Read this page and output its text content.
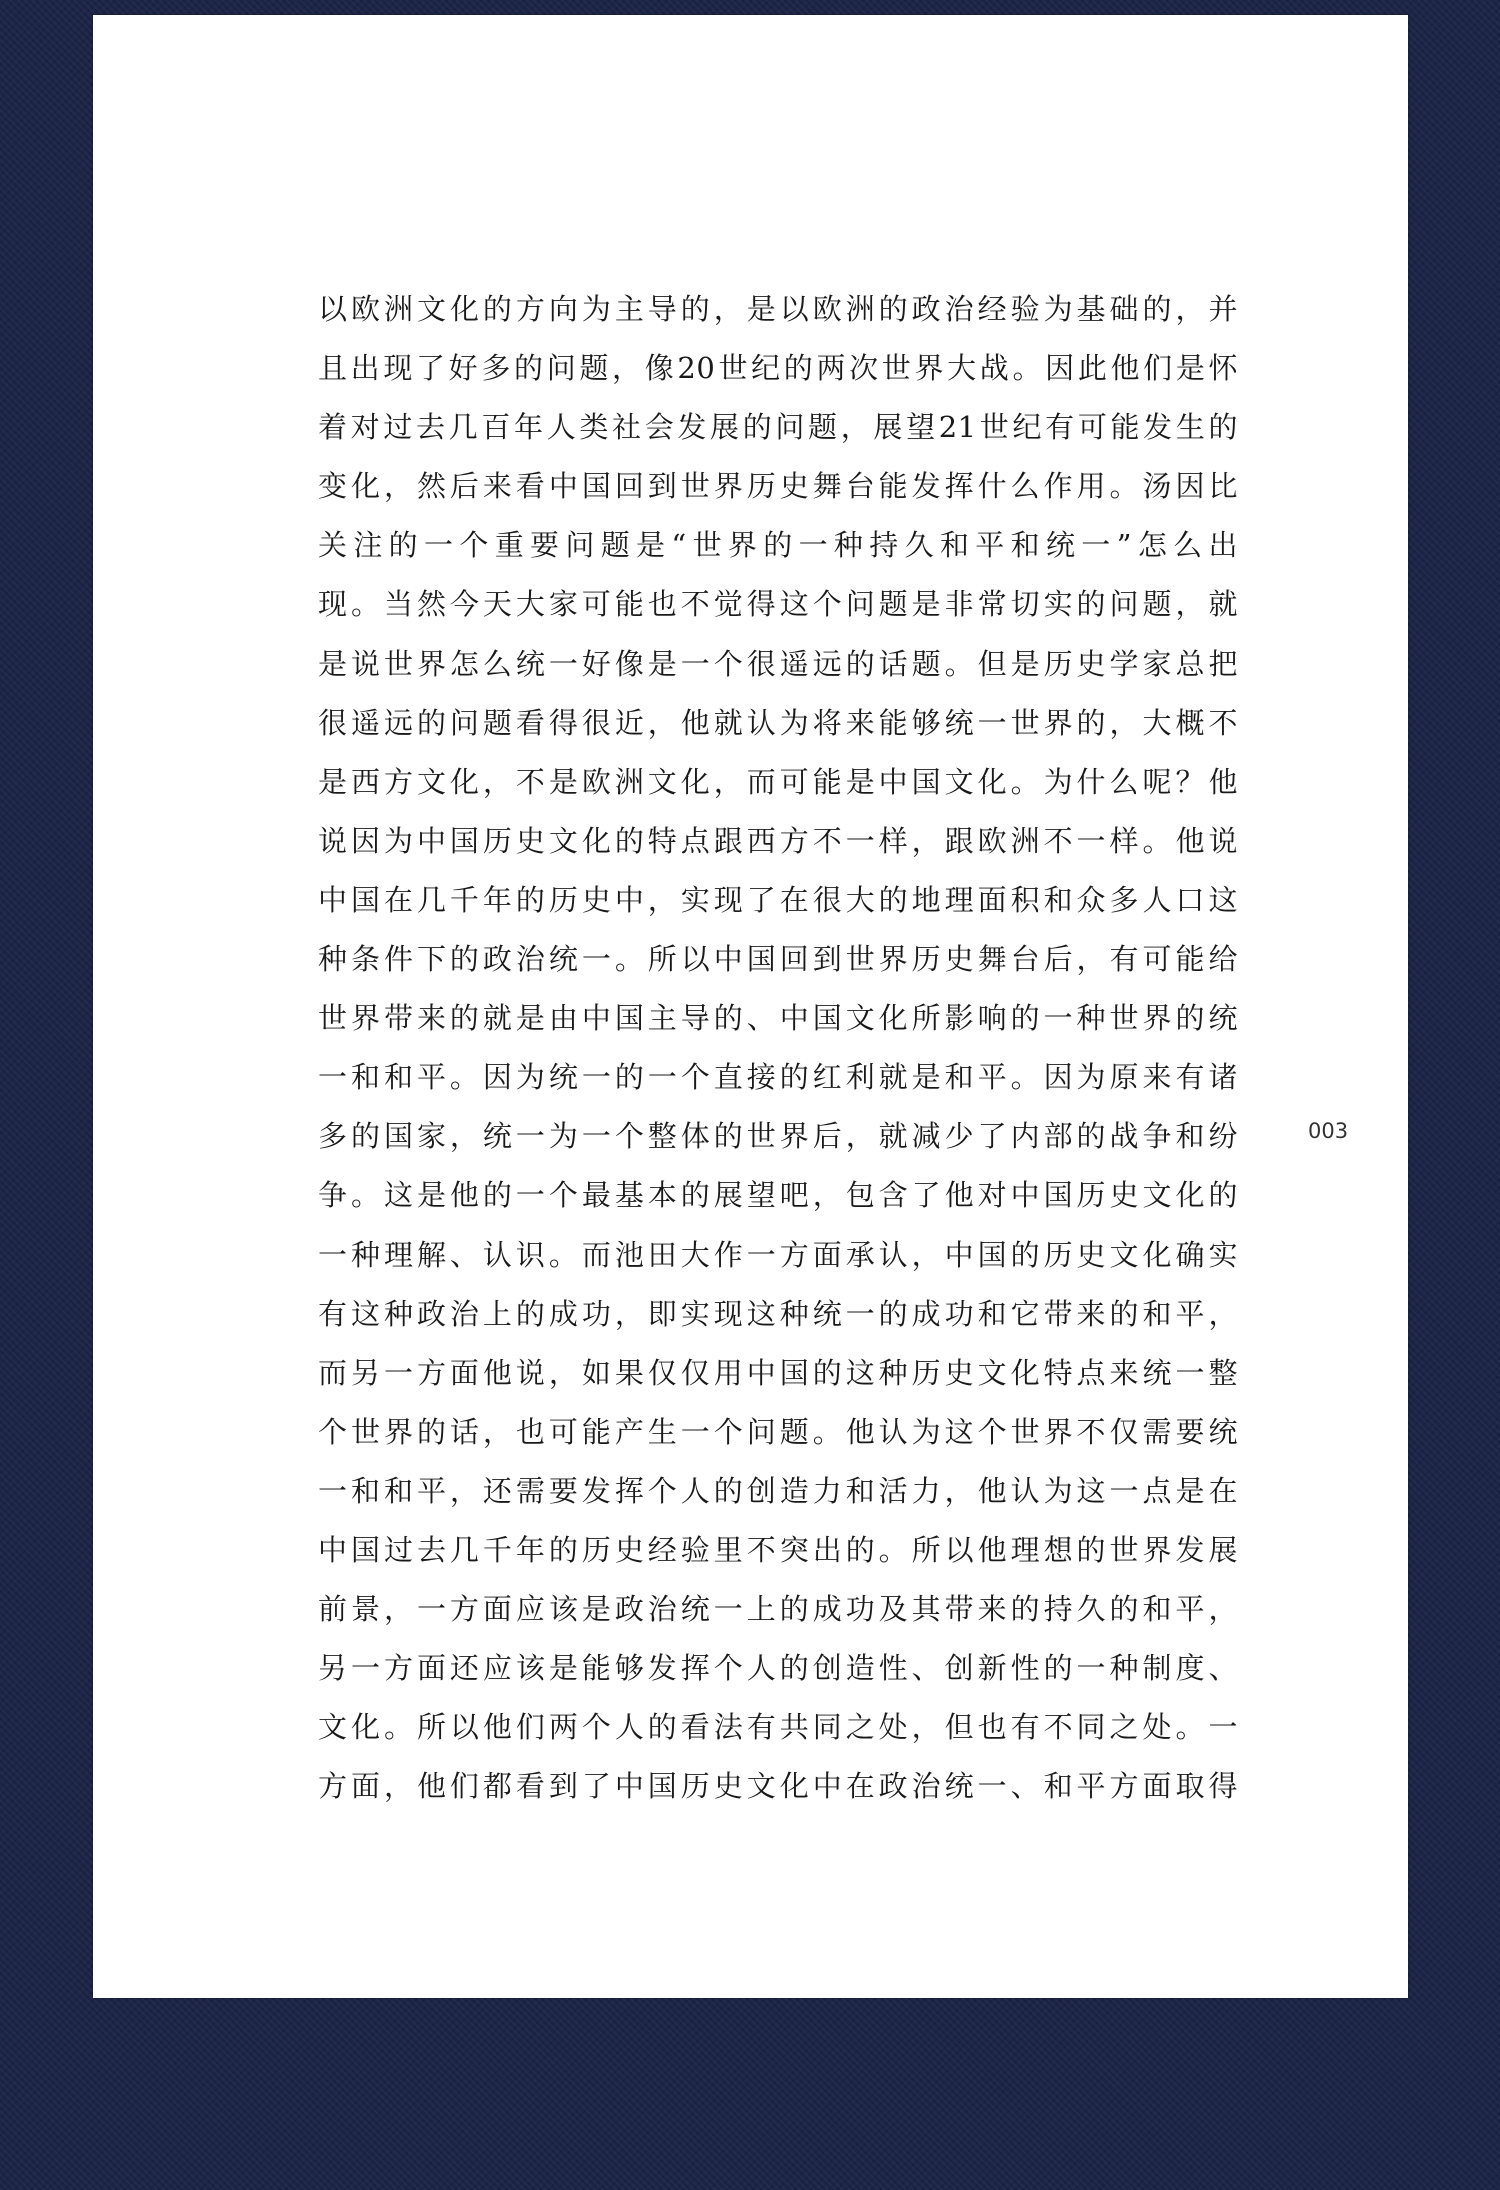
以欧洲文化的方向为主导的，是以欧洲的政治经验为基础的，并
且出现了好多的问题，像20世纪的两次世界大战。因此他们是怀
着对过去几百年人类社会发展的问题，展望21世纪有可能发生的
变化，然后来看中国回到世界历史舞台能发挥什么作用。汤因比
关注的一个重要问题是“世界的一种持久和平和统一”怎么出
现。当然今天大家可能也不觉得这个问题是非常切实的问题，就
是说世界怎么统一好像是一个很遥远的话题。但是历史学家总把
很遥远的问题看得很近，他就认为将来能够统一世界的，大概不
是西方文化，不是欧洲文化，而可能是中国文化。为什么呢？他
说因为中国历史文化的特点跟西方不一样，跟欧洲不一样。他说
中国在几千年的历史中，实现了在很大的地理面积和众多人口这
种条件下的政治统一。所以中国回到世界历史舞台后，有可能给
世界带来的就是由中国主导的、中国文化所影响的一种世界的统
一和和平。因为统一的一个直接的红利就是和平。因为原来有诸
多的国家，统一为一个整体的世界后，就减少了内部的战争和纷
争。这是他的一个最基本的展望吧，包含了他对中国历史文化的
一种理解、认识。而池田大作一方面承认，中国的历史文化确实
有这种政治上的成功，即实现这种统一的成功和它带来的和平，
而另一方面他说，如果仅仅用中国的这种历史文化特点来统一整
个世界的话，也可能产生一个问题。他认为这个世界不仅需要统
一和和平，还需要发挥个人的创造力和活力，他认为这一点是在
中国过去几千年的历史经验里不突出的。所以他理想的世界发展
前景，一方面应该是政治统一上的成功及其带来的持久的和平，
另一方面还应该是能够发挥个人的创造性、创新性的一种制度、
文化。所以他们两个人的看法有共同之处，但也有不同之处。一
方面，他们都看到了中国历史文化中在政治统一、和平方面取得
003
